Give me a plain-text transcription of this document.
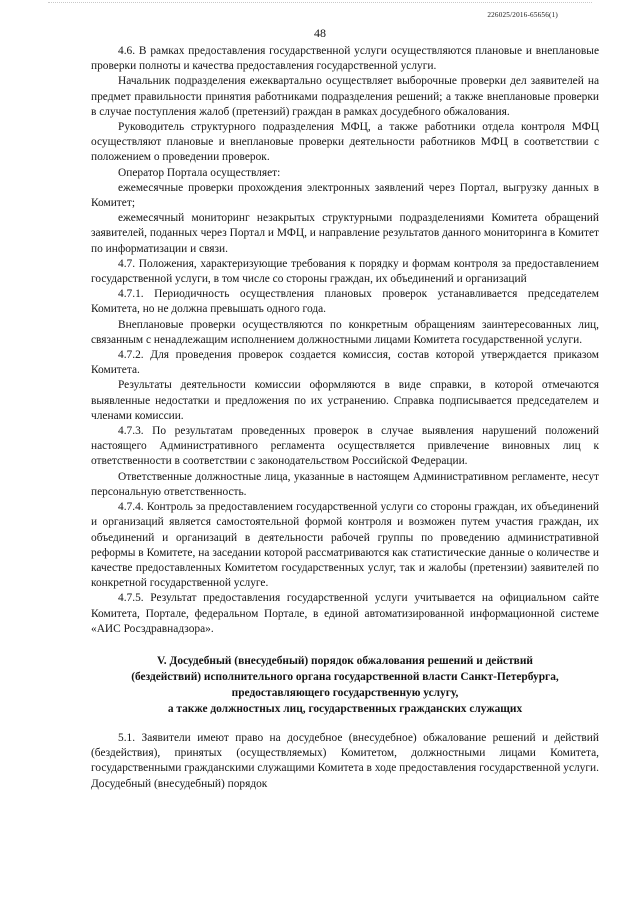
48
226025/2016-65656(1)

4.6. В рамках предоставления государственной услуги осуществляются плановые и внеплановые проверки полноты и качества предоставления государственной услуги.

Начальник подразделения ежеквартально осуществляет выборочные проверки дел заявителей на предмет правильности принятия работниками подразделения решений; а также внеплановые проверки в случае поступления жалоб (претензий) граждан в рамках досудебного обжалования.

Руководитель структурного подразделения МФЦ, а также работники отдела контроля МФЦ осуществляют плановые и внеплановые проверки деятельности работников МФЦ в соответствии с положением о проведении проверок.

Оператор Портала осуществляет:

ежемесячные проверки прохождения электронных заявлений через Портал, выгрузку данных в Комитет;

ежемесячный мониторинг незакрытых структурными подразделениями Комитета обращений заявителей, поданных через Портал и МФЦ, и направление результатов данного мониторинга в Комитет по информатизации и связи.

4.7. Положения, характеризующие требования к порядку и формам контроля за предоставлением государственной услуги, в том числе со стороны граждан, их объединений и организаций

4.7.1. Периодичность осуществления плановых проверок устанавливается председателем Комитета, но не должна превышать одного года.

Внеплановые проверки осуществляются по конкретным обращениям заинтересованных лиц, связанным с ненадлежащим исполнением должностными лицами Комитета государственной услуги.

4.7.2. Для проведения проверок создается комиссия, состав которой утверждается приказом Комитета.

Результаты деятельности комиссии оформляются в виде справки, в которой отмечаются выявленные недостатки и предложения по их устранению. Справка подписывается председателем и членами комиссии.

4.7.3. По результатам проведенных проверок в случае выявления нарушений положений настоящего Административного регламента осуществляется привлечение виновных лиц к ответственности в соответствии с законодательством Российской Федерации.

Ответственные должностные лица, указанные в настоящем Административном регламенте, несут персональную ответственность.

4.7.4. Контроль за предоставлением государственной услуги со стороны граждан, их объединений и организаций является самостоятельной формой контроля и возможен путем участия граждан, их объединений и организаций в деятельности рабочей группы по проведению административной реформы в Комитете, на заседании которой рассматриваются как статистические данные о количестве и качестве предоставленных Комитетом государственных услуг, так и жалобы (претензии) заявителей по конкретной государственной услуге.

4.7.5. Результат предоставления государственной услуги учитывается на официальном сайте Комитета, Портале, федеральном Портале, в единой автоматизированной информационной системе «АИС Росздравнадзора».

V. Досудебный (внесудебный) порядок обжалования решений и действий
(бездействий) исполнительного органа государственной власти Санкт-Петербурга,
предоставляющего государственную услугу,
а также должностных лиц, государственных гражданских служащих

5.1. Заявители имеют право на досудебное (внесудебное) обжалование решений и действий (бездействия), принятых (осуществляемых) Комитетом, должностными лицами Комитета, государственными гражданскими служащими Комитета в ходе предоставления государственной услуги. Досудебный (внесудебный) порядок
